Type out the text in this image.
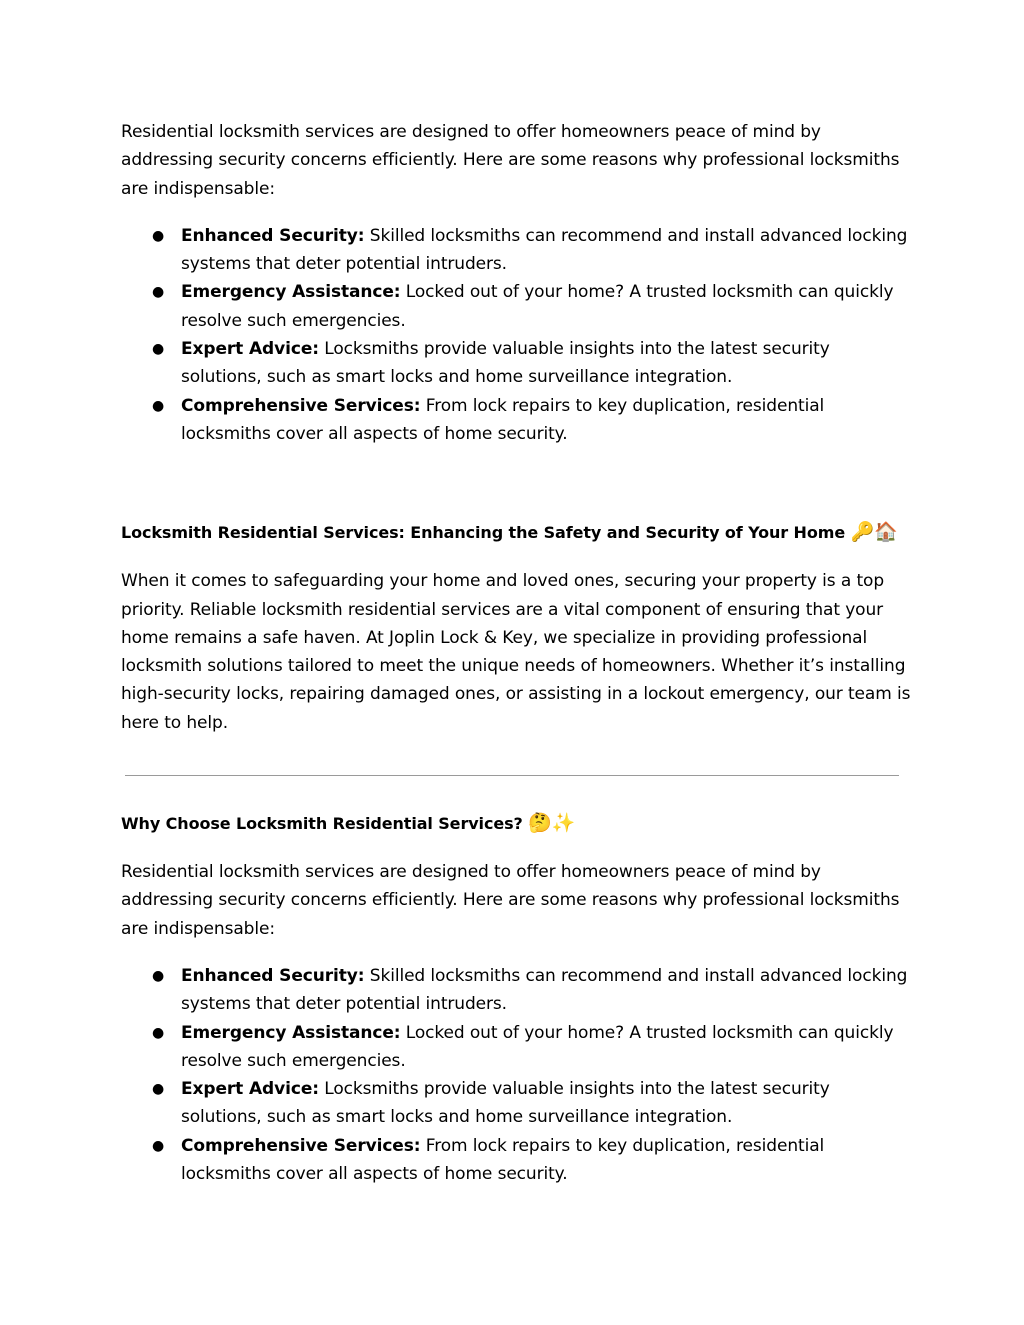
Residential locksmith services are designed to offer homeowners peace of mind by addressing security concerns efficiently. Here are some reasons why professional locksmiths are indispensable:

● Enhanced Security: Skilled locksmiths can recommend and install advanced locking systems that deter potential intruders.
● Emergency Assistance: Locked out of your home? A trusted locksmith can quickly resolve such emergencies.
● Expert Advice: Locksmiths provide valuable insights into the latest security solutions, such as smart locks and home surveillance integration.
● Comprehensive Services: From lock repairs to key duplication, residential locksmiths cover all aspects of home security.
Locksmith Residential Services: Enhancing the Safety and Security of Your Home 🔑🏠

When it comes to safeguarding your home and loved ones, securing your property is a top priority. Reliable locksmith residential services are a vital component of ensuring that your home remains a safe haven. At Joplin Lock & Key, we specialize in providing professional locksmith solutions tailored to meet the unique needs of homeowners. Whether it’s installing high-security locks, repairing damaged ones, or assisting in a lockout emergency, our team is here to help.

Why Choose Locksmith Residential Services? 🤔✨

Residential locksmith services are designed to offer homeowners peace of mind by addressing security concerns efficiently. Here are some reasons why professional locksmiths are indispensable:

● Enhanced Security: Skilled locksmiths can recommend and install advanced locking systems that deter potential intruders.
● Emergency Assistance: Locked out of your home? A trusted locksmith can quickly resolve such emergencies.
● Expert Advice: Locksmiths provide valuable insights into the latest security solutions, such as smart locks and home surveillance integration.
● Comprehensive Services: From lock repairs to key duplication, residential locksmiths cover all aspects of home security.
